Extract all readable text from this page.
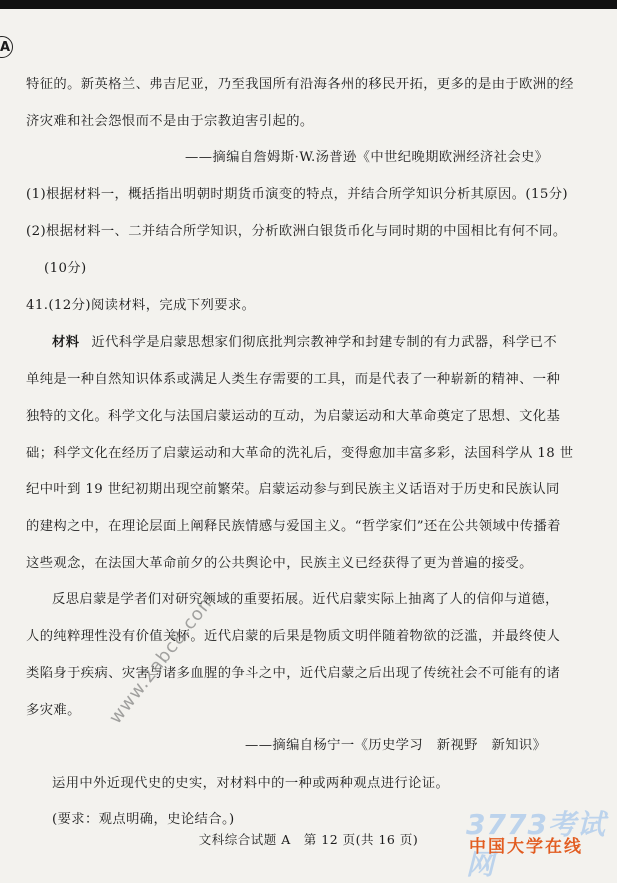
A
特征的。新英格兰、弗吉尼亚，乃至我国所有沿海各州的移民开拓，更多的是由于欧洲的经
济灾难和社会怨恨而不是由于宗教迫害引起的。
——摘编自詹姆斯·W.汤普逊《中世纪晚期欧洲经济社会史》
(1)根据材料一，概括指出明朝时期货币演变的特点，并结合所学知识分析其原因。(15分)
(2)根据材料一、二并结合所学知识，分析欧洲白银货币化与同时期的中国相比有何不同。
(10分)
41.(12分)阅读材料，完成下列要求。
材料 近代科学是启蒙思想家们彻底批判宗教神学和封建专制的有力武器，科学已不
单纯是一种自然知识体系或满足人类生存需要的工具，而是代表了一种崭新的精神、一种
独特的文化。科学文化与法国启蒙运动的互动，为启蒙运动和大革命奠定了思想、文化基
础；科学文化在经历了启蒙运动和大革命的洗礼后，变得愈加丰富多彩，法国科学从 18 世
纪中叶到 19 世纪初期出现空前繁荣。启蒙运动参与到民族主义话语对于历史和民族认同
的建构之中，在理论层面上阐释民族情感与爱国主义。“哲学家们”还在公共领域中传播着
这些观念，在法国大革命前夕的公共舆论中，民族主义已经获得了更为普遍的接受。
反思启蒙是学者们对研究领域的重要拓展。近代启蒙实际上抽离了人的信仰与道德，
人的纯粹理性没有价值关怀。近代启蒙的后果是物质文明伴随着物欲的泛滥，并最终使人
类陷身于疾病、灾害与诸多血腥的争斗之中，近代启蒙之后出现了传统社会不可能有的诸
多灾难。
——摘编自杨宁一《历史学习　新视野　新知识》
运用中外近现代史的史实，对材料中的一种或两种观点进行论证。
(要求：观点明确，史论结合。)
www.2abc8.com
3773考试网
中国大学在线
文科综合试题 A　第 12 页(共 16 页)
